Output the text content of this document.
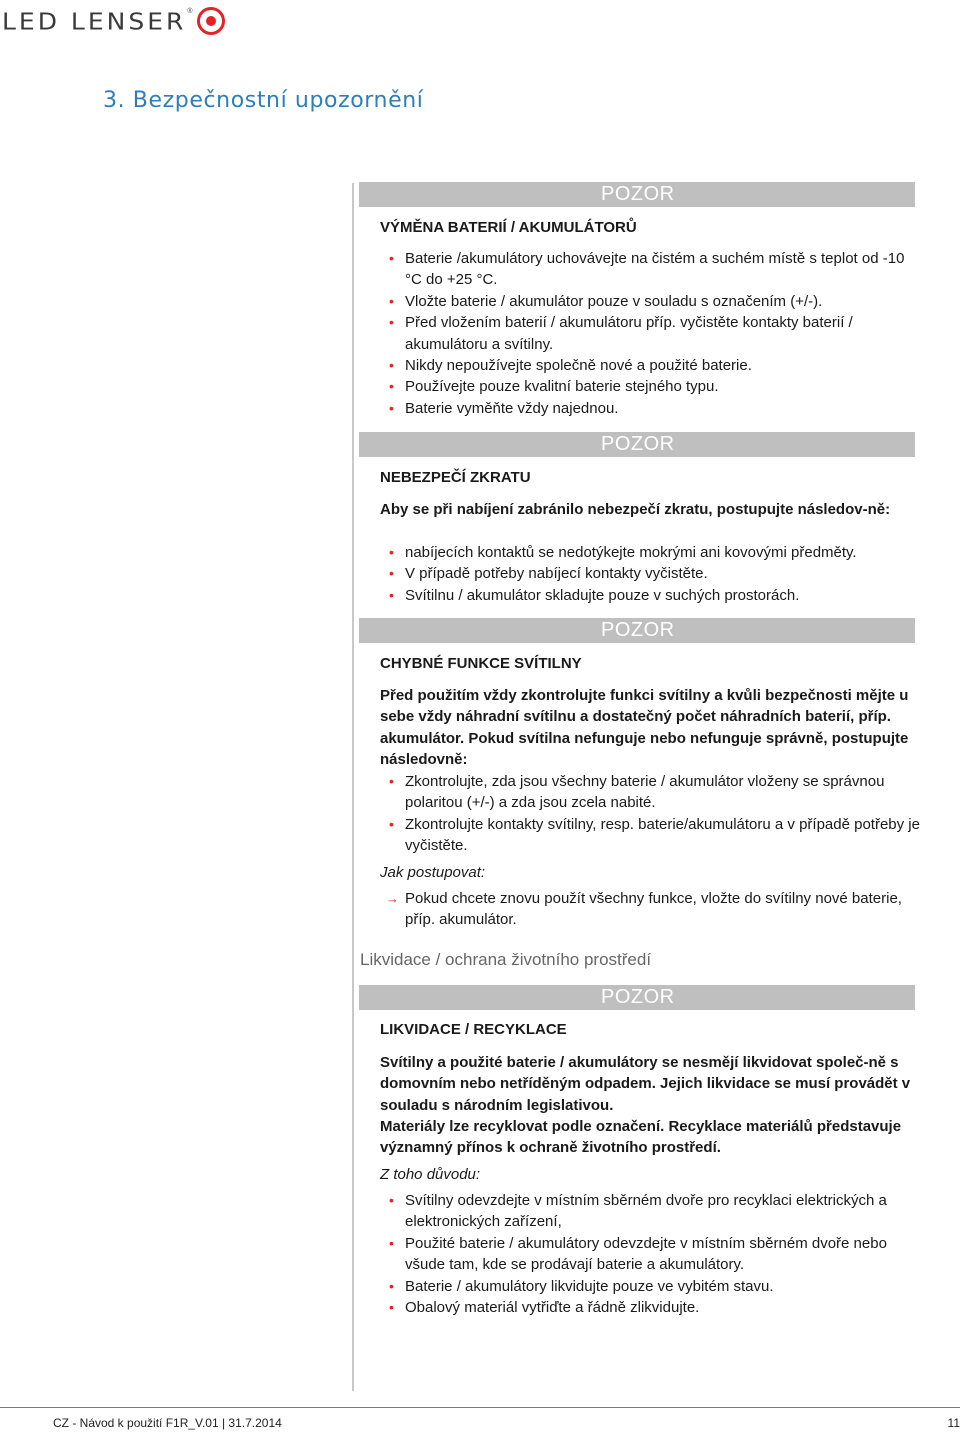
LED LENSER ®
3. Bezpečnostní upozornění
POZOR
VÝMĚNA BATERIÍ / AKUMULÁTORŮ
• Baterie /akumulátory uchovávejte na čistém a suchém místě s teplot od -10 °C do +25 °C.
• Vložte baterie / akumulátor pouze v souladu s označením (+/-).
• Před vložením baterií / akumulátoru příp. vyčistěte kontakty baterií / akumulátoru a svítilny.
• Nikdy nepoužívejte společně nové a použité baterie.
• Používejte pouze kvalitní baterie stejného typu.
• Baterie vyměňte vždy najednou.
POZOR
NEBEZPEČÍ ZKRATU

Aby se při nabíjení zabránilo nebezpečí zkratu, postupujte následov-ně:

• nabíjecích kontaktů se nedotýkejte mokrými ani kovovými předměty.
• V případě potřeby nabíjecí kontakty vyčistěte.
• Svítilnu / akumulátor skladujte pouze v suchých prostorách.
POZOR
CHYBNÉ FUNKCE SVÍTILNY

Před použitím vždy zkontrolujte funkci svítilny a kvůli bezpečnosti mějte u sebe vždy náhradní svítilnu a dostatečný počet náhradních baterií, příp. akumulátor. Pokud svítilna nefunguje nebo nefunguje správně, postupujte následovně:

• Zkontrolujte, zda jsou všechny baterie / akumulátor vloženy se správnou polaritou (+/-) a zda jsou zcela nabité.
• Zkontrolujte kontakty svítilny, resp. baterie/akumulátoru a v případě potřeby je vyčistěte.

Jak postupovat:

→ Pokud chcete znovu použít všechny funkce, vložte do svítilny nové baterie, příp. akumulátor.
Likvidace / ochrana životního prostředí
POZOR
LIKVIDACE / RECYKLACE

Svítilny a použité baterie / akumulátory se nesmějí likvidovat společ-ně s domovním nebo netříděným odpadem. Jejich likvidace se musí provádět v souladu s národním legislativou.

Materiály lze recyklovat podle označení. Recyklace materiálů představuje významný přínos k ochraně životního prostředí.

Z toho důvodu:

• Svítilny odevzdejte v místním sběrném dvoře pro recyklaci elektrických a elektronických zařízení,
• Použité baterie / akumulátory odevzdejte v místním sběrném dvoře nebo všude tam, kde se prodávají baterie a akumulátory.
• Baterie / akumulátory likvidujte pouze ve vybitém stavu.
• Obalový materiál vytřiďte a řádně zlikvidujte.
CZ - Návod k použití F1R_V.01 | 31.7.2014	11
